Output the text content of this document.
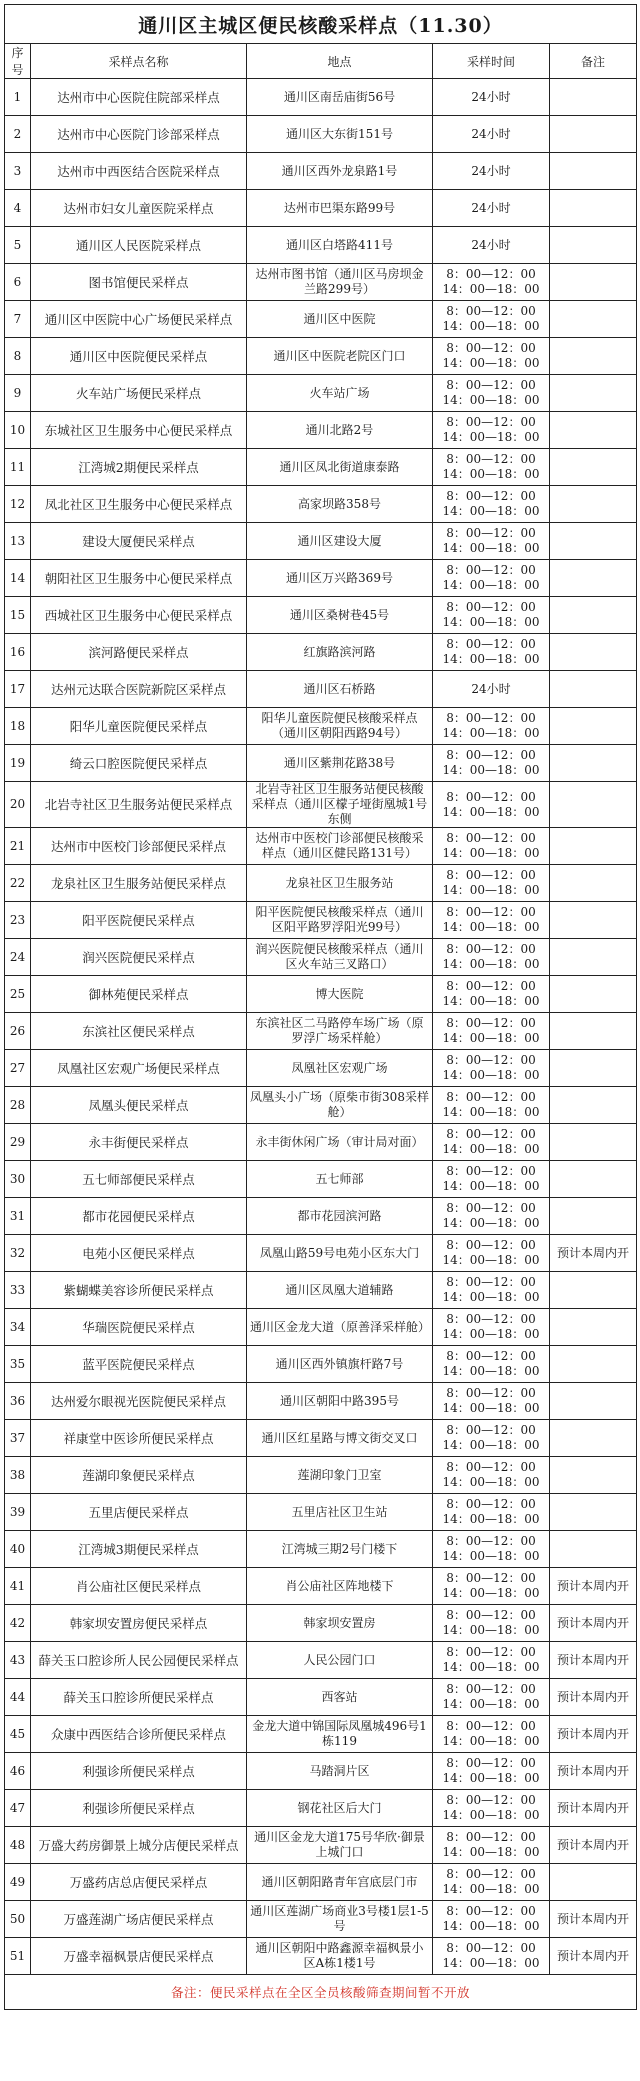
通川区主城区便民核酸采样点（11.30）				
序号	采样点名称	地点	采样时间	备注
1	达州市中心医院住院部采样点	通川区南岳庙街56号	24小时	
2	达州市中心医院门诊部采样点	通川区大东街151号	24小时	
3	达州市中西医结合医院采样点	通川区西外龙泉路1号	24小时	
4	达州市妇女儿童医院采样点	达州市巴渠东路99号	24小时	
5	通川区人民医院采样点	通川区白塔路411号	24小时	
6	图书馆便民采样点	达州市图书馆（通川区马房坝金兰路299号）	8：00—12：00
14：00—18：00	

7	通川区中医院中心广场便民采样点	通川区中医院	8：00—12：00
14：00—18：00	

8	通川区中医院便民采样点	通川区中医院老院区门口	8：00—12：00
14：00—18：00	

9	火车站广场便民采样点	火车站广场	8：00—12：00
14：00—18：00	

10	东城社区卫生服务中心便民采样点	通川北路2号	8：00—12：00
14：00—18：00	

11	江湾城2期便民采样点	通川区凤北街道康泰路	8：00—12：00
14：00—18：00	

12	凤北社区卫生服务中心便民采样点	高家坝路358号	8：00—12：00
14：00—18：00	

13	建设大厦便民采样点	通川区建设大厦	8：00—12：00
14：00—18：00	

14	朝阳社区卫生服务中心便民采样点	通川区万兴路369号	8：00—12：00
14：00—18：00	

15	西城社区卫生服务中心便民采样点	通川区桑树巷45号	8：00—12：00
14：00—18：00	

16	滨河路便民采样点	红旗路滨河路	8：00—12：00
14：00—18：00	

17	达州元达联合医院新院区采样点	通川区石桥路	24小时	
18	阳华儿童医院便民采样点	阳华儿童医院便民核酸采样点（通川区朝阳西路94号）	8：00—12：00
14：00—18：00	

19	绮云口腔医院便民采样点	通川区紫荆花路38号	8：00—12：00
14：00—18：00	

20	北岩寺社区卫生服务站便民采样点	北岩寺社区卫生服务站便民核酸采样点（通川区檬子垭街凰城1号东侧	8：00—12：00
14：00—18：00	

21	达州市中医校门诊部便民采样点	达州市中医校门诊部便民核酸采样点（通川区健民路131号）	8：00—12：00
14：00—18：00	

22	龙泉社区卫生服务站便民采样点	龙泉社区卫生服务站	8：00—12：00
14：00—18：00	

23	阳平医院便民采样点	阳平医院便民核酸采样点（通川区阳平路罗浮阳光99号）	8：00—12：00
14：00—18：00	

24	润兴医院便民采样点	润兴医院便民核酸采样点（通川区火车站三叉路口）	8：00—12：00
14：00—18：00	

25	御林苑便民采样点	博大医院	8：00—12：00
14：00—18：00	

26	东滨社区便民采样点	东滨社区二马路停车场广场（原罗浮广场采样舱）	8：00—12：00
14：00—18：00	

27	凤凰社区宏观广场便民采样点	凤凰社区宏观广场	8：00—12：00
14：00—18：00	

28	凤凰头便民采样点	凤凰头小广场（原柴市街308采样舱）	8：00—12：00
14：00—18：00	

29	永丰街便民采样点	永丰街休闲广场（审计局对面）	8：00—12：00
14：00—18：00	

30	五七师部便民采样点	五七师部	8：00—12：00
14：00—18：00	

31	都市花园便民采样点	都市花园滨河路	8：00—12：00
14：00—18：00	

32	电苑小区便民采样点	凤凰山路59号电苑小区东大门	8：00—12：00
14：00—18：00	预计本周内开
33	紫蝴蝶美容诊所便民采样点	通川区凤凰大道辅路	8：00—12：00
14：00—18：00	

34	华瑞医院便民采样点	通川区金龙大道（原善泽采样舱）	8：00—12：00
14：00—18：00	

35	蓝平医院便民采样点	通川区西外镇旗杆路7号	8：00—12：00
14：00—18：00	

36	达州爱尔眼视光医院便民采样点	通川区朝阳中路395号	8：00—12：00
14：00—18：00	

37	祥康堂中医诊所便民采样点	通川区红星路与博文街交叉口	8：00—12：00
14：00—18：00	

38	莲湖印象便民采样点	莲湖印象门卫室	8：00—12：00
14：00—18：00	

39	五里店便民采样点	五里店社区卫生站	8：00—12：00
14：00—18：00	

40	江湾城3期便民采样点	江湾城三期2号门楼下	8：00—12：00
14：00—18：00	

41	肖公庙社区便民采样点	肖公庙社区阵地楼下	8：00—12：00
14：00—18：00	预计本周内开
42	韩家坝安置房便民采样点	韩家坝安置房	8：00—12：00
14：00—18：00	预计本周内开
43	薛关玉口腔诊所人民公园便民采样点	人民公园门口	8：00—12：00
14：00—18：00	预计本周内开
44	薛关玉口腔诊所便民采样点	西客站	8：00—12：00
14：00—18：00	预计本周内开
45	众康中西医结合诊所便民采样点	金龙大道中锦国际凤凰城496号1栋119	8：00—12：00
14：00—18：00	预计本周内开
46	利强诊所便民采样点	马踏洞片区	8：00—12：00
14：00—18：00	预计本周内开
47	利强诊所便民采样点	钢花社区后大门	8：00—12：00
14：00—18：00	预计本周内开
48	万盛大药房御景上城分店便民采样点	通川区金龙大道175号华欣·御景上城门口	8：00—12：00
14：00—18：00	预计本周内开
49	万盛药店总店便民采样点	通川区朝阳路青年宫底层门市	8：00—12：00
14：00—18：00	

50	万盛莲湖广场店便民采样点	通川区莲湖广场商业3号楼1层1-5号	8：00—12：00
14：00—18：00	预计本周内开
51	万盛幸福枫景店便民采样点	通川区朝阳中路鑫源幸福枫景小区A栋1楼1号	8：00—12：00
14：00—18：00	预计本周内开
备注：便民采样点在全区全员核酸筛查期间暂不开放				
